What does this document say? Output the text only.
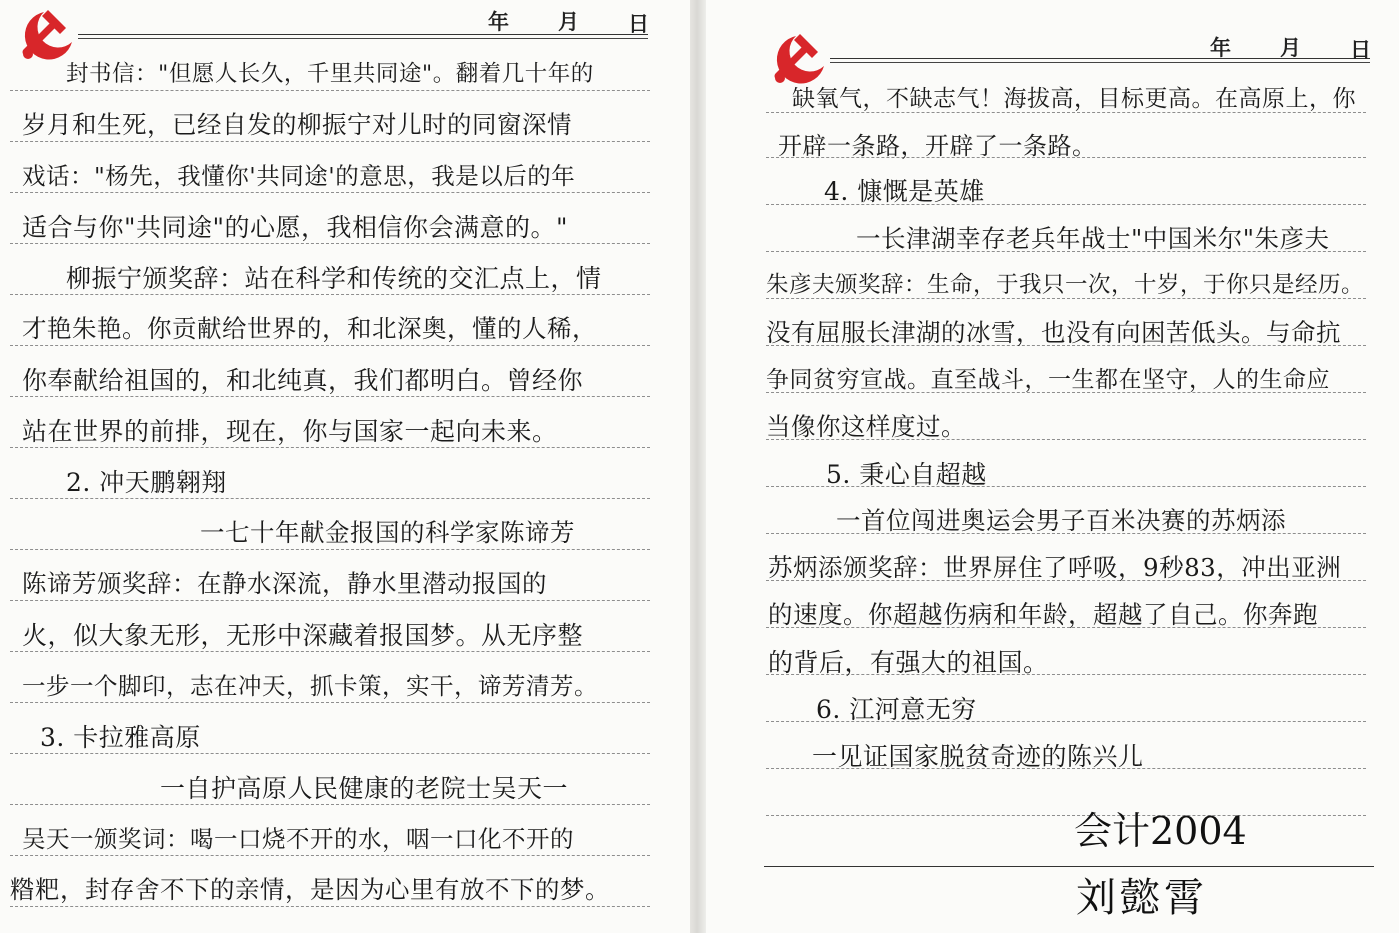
年 月 日
封书信："但愿人长久，千里共同途"。翻着几十年的
岁月和生死，已经自发的柳振宁对儿时的同窗深情
戏话："杨先，我懂你'共同途'的意思，我是以后的年
适合与你"共同途"的心愿，我相信你会满意的。"
柳振宁颁奖辞：站在科学和传统的交汇点上，情
才艳朱艳。你贡献给世界的，和北深奥，懂的人稀，
你奉献给祖国的，和北纯真，我们都明白。曾经你
站在世界的前排，现在，你与国家一起向未来。
2. 冲天鹏翱翔
一七十年献金报国的科学家陈谛芳
陈谛芳颁奖辞：在静水深流，静水里潜动报国的
火，似大象无形，无形中深藏着报国梦。从无序整
一步一个脚印，志在冲天，抓卡策，实干，谛芳清芳。
3. 卡拉雅高原
一自护高原人民健康的老院士吴天一
吴天一颁奖词：喝一口烧不开的水，咽一口化不开的
糌粑，封存舍不下的亲情，是因为心里有放不下的梦。
年 月 日
缺氧气，不缺志气！海拔高，目标更高。在高原上，你
开辟一条路，开辟了一条路。
4. 慷慨是英雄
一长津湖幸存老兵年战士"中国米尔"朱彦夫
朱彦夫颁奖辞：生命，于我只一次，十岁，于你只是经历。
没有屈服长津湖的冰雪，也没有向困苦低头。与命抗
争同贫穷宣战。直至战斗，一生都在坚守，人的生命应
当像你这样度过。
5. 秉心自超越
一首位闯进奥运会男子百米决赛的苏炳添
苏炳添颁奖辞：世界屏住了呼吸，9秒83，冲出亚洲
的速度。你超越伤病和年龄，超越了自己。你奔跑
的背后，有强大的祖国。
6. 江河意无穷
一见证国家脱贫奇迹的陈兴儿
会计2004
刘懿霄
